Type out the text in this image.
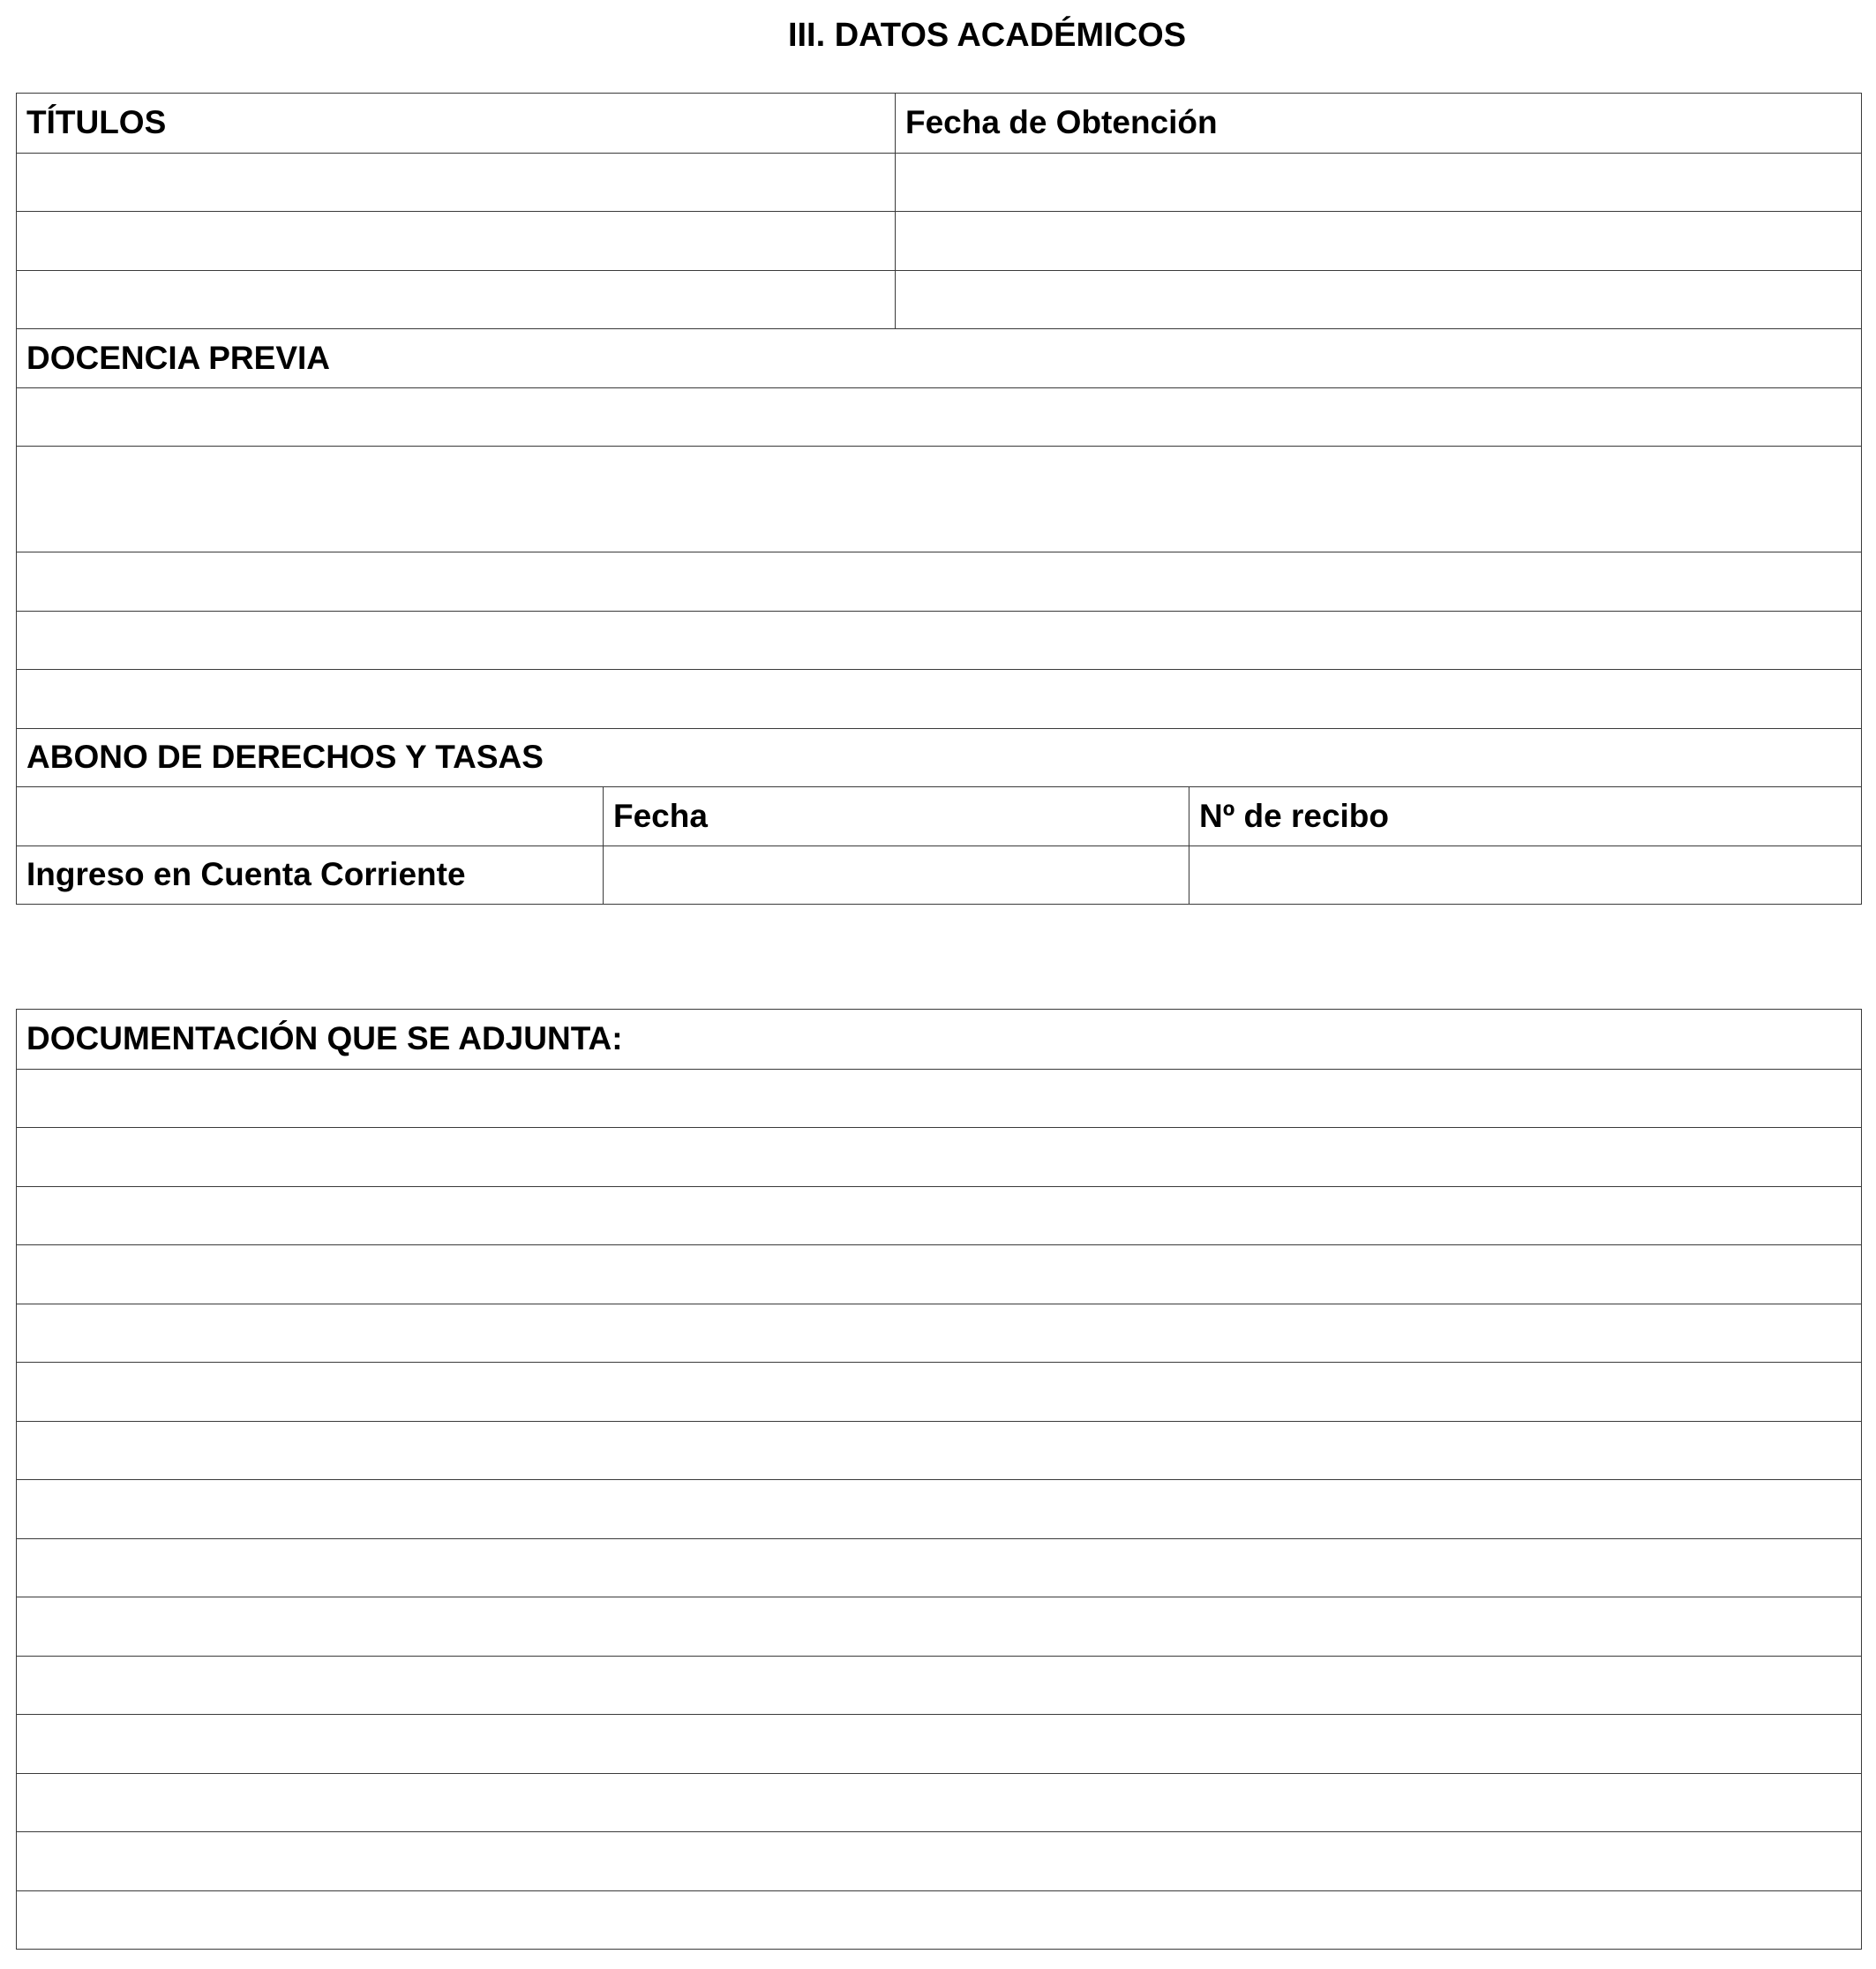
III. DATOS ACADÉMICOS
TÍTULOS	Fecha de Obtención
DOCENCIA PREVIA
ABONO DE DERECHOS Y TASAS
Fecha	Nº de recibo
Ingreso en Cuenta Corriente
DOCUMENTACIÓN QUE SE ADJUNTA:
